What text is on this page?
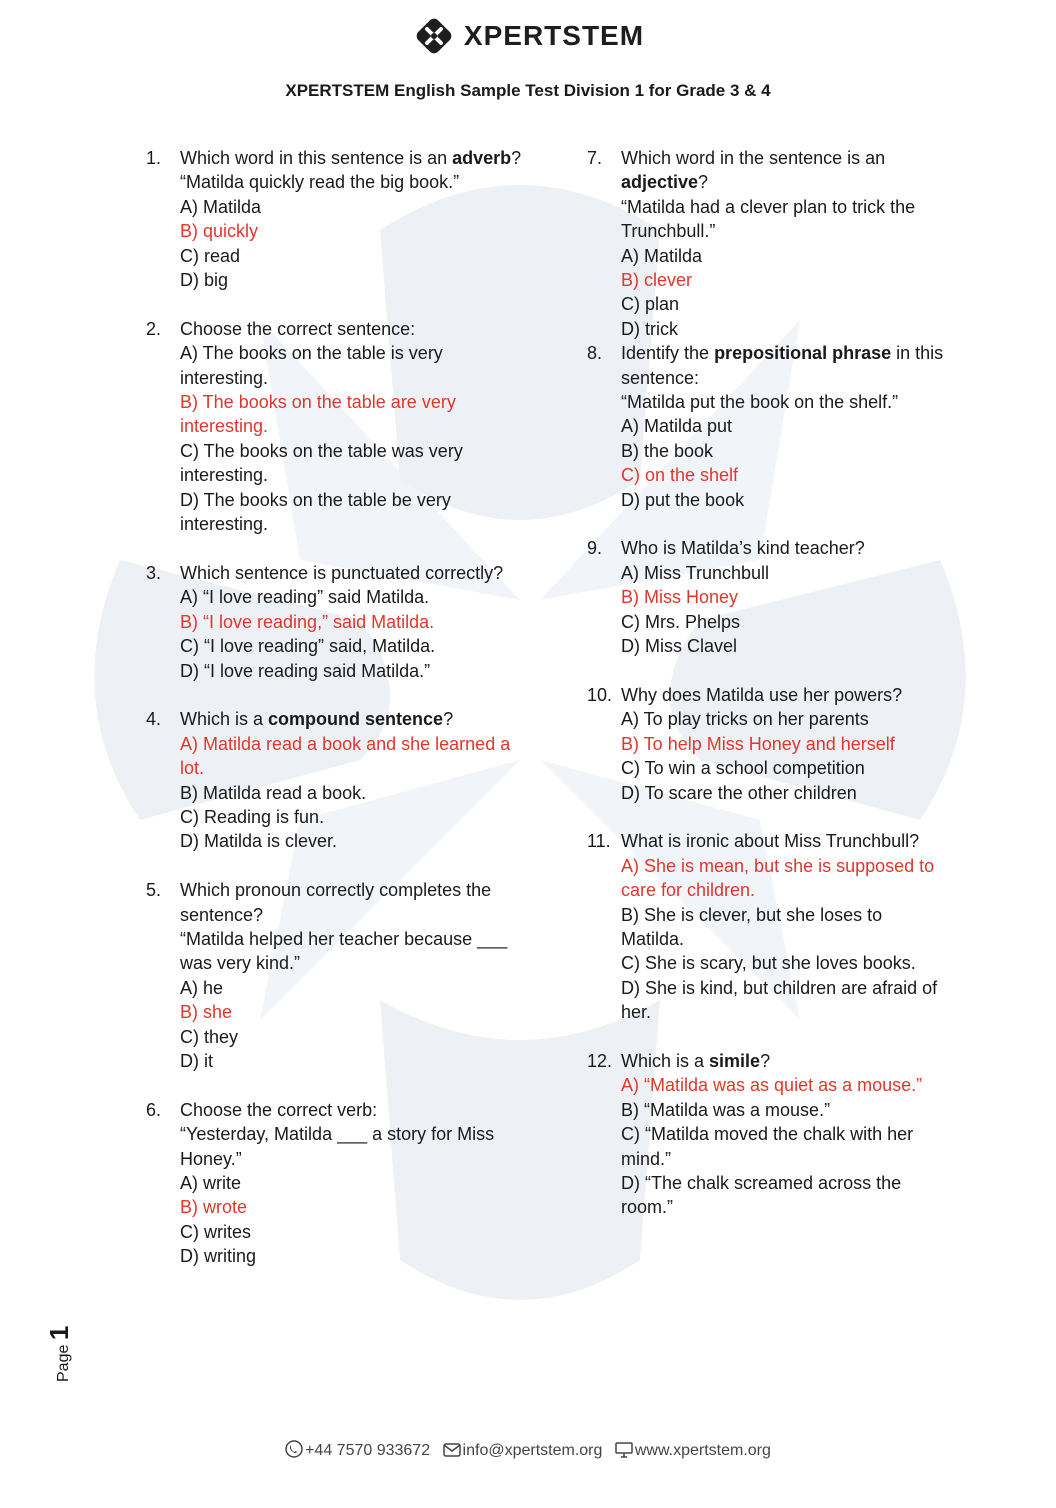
XPERTSTEM
XPERTSTEM English Sample Test Division 1 for Grade 3 & 4
1.	Which word in this sentence is an adverb?
“Matilda quickly read the big book.”
A) Matilda
B) quickly
C) read
D) big
2.	Choose the correct sentence:
A) The books on the table is very interesting.
B) The books on the table are very interesting.
C) The books on the table was very interesting.
D) The books on the table be very interesting.
3.	Which sentence is punctuated correctly?
A) “I love reading” said Matilda.
B) “I love reading,” said Matilda.
C) “I love reading” said, Matilda.
D) “I love reading said Matilda.”
4.	Which is a compound sentence?
A) Matilda read a book and she learned a lot.
B) Matilda read a book.
C) Reading is fun.
D) Matilda is clever.
5.	Which pronoun correctly completes the sentence?
“Matilda helped her teacher because ___ was very kind.”
A) he
B) she
C) they
D) it
6.	Choose the correct verb:
“Yesterday, Matilda ___ a story for Miss Honey.”
A) write
B) wrote
C) writes
D) writing
7.	Which word in the sentence is an adjective?
“Matilda had a clever plan to trick the Trunchbull.”
A) Matilda
B) clever
C) plan
D) trick
8.	Identify the prepositional phrase in this sentence:
“Matilda put the book on the shelf.”
A) Matilda put
B) the book
C) on the shelf
D) put the book
9.	Who is Matilda’s kind teacher?
A) Miss Trunchbull
B) Miss Honey
C) Mrs. Phelps
D) Miss Clavel
10. Why does Matilda use her powers?
A) To play tricks on her parents
B) To help Miss Honey and herself
C) To win a school competition
D) To scare the other children
11. What is ironic about Miss Trunchbull?
A) She is mean, but she is supposed to care for children.
B) She is clever, but she loses to Matilda.
C) She is scary, but she loves books.
D) She is kind, but children are afraid of her.
12. Which is a simile?
A) “Matilda was as quiet as a mouse.”
B) “Matilda was a mouse.”
C) “Matilda moved the chalk with her mind.”
D) “The chalk screamed across the room.”
Page 1
+44 7570 933672 info@xpertstem.org www.xpertstem.org
